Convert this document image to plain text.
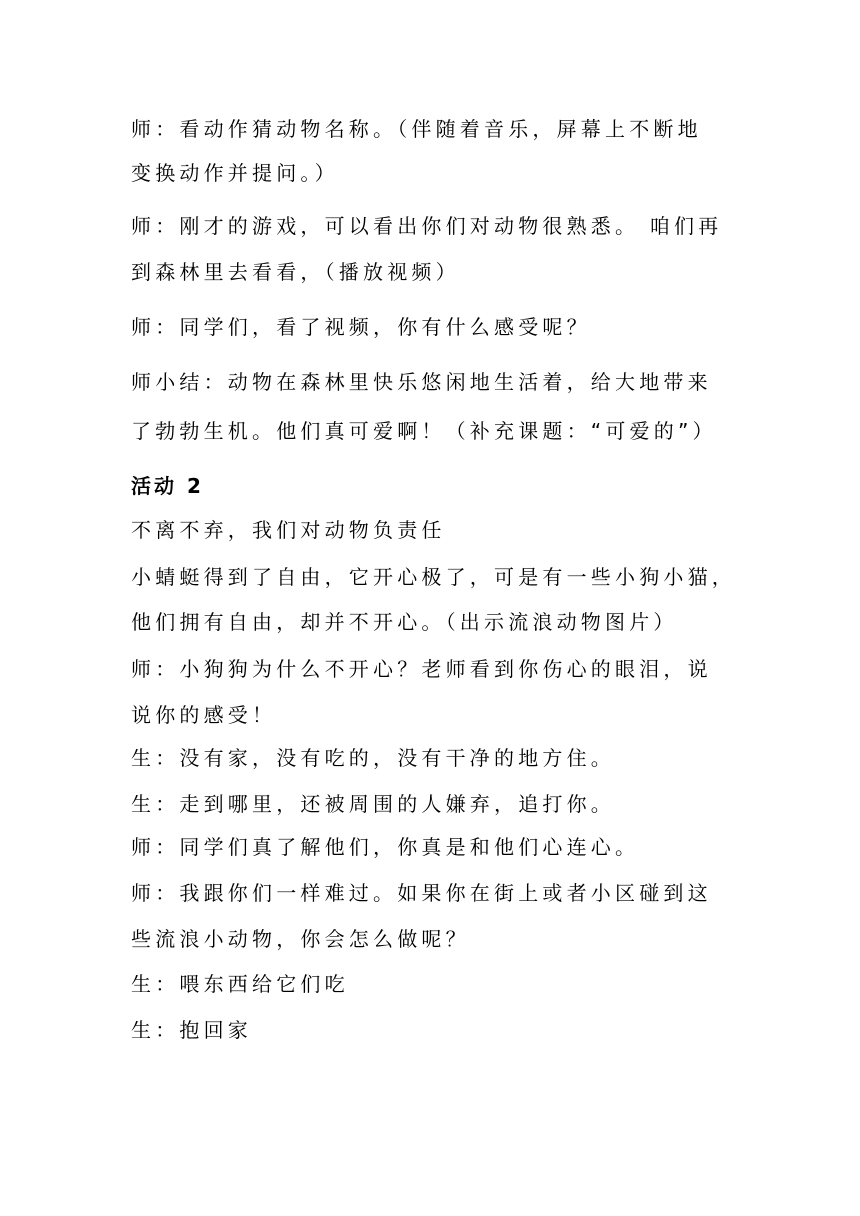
师：看动作猜动物名称。（伴随着音乐，屏幕上不断地

变换动作并提问。）

师：刚才的游戏，可以看出你们对动物很熟悉。 咱们再

到森林里去看看，（播放视频）

师：同学们，看了视频，你有什么感受呢？

师小结：动物在森林里快乐悠闲地生活着，给大地带来

了勃勃生机。他们真可爱啊！（补充课题：“可爱的”）

活动 2

不离不弃，我们对动物负责任

小蜻蜓得到了自由，它开心极了，可是有一些小狗小猫，

他们拥有自由，却并不开心。（出示流浪动物图片）

师：小狗狗为什么不开心？老师看到你伤心的眼泪，说

说你的感受！

生：没有家，没有吃的，没有干净的地方住。

生：走到哪里，还被周围的人嫌弃，追打你。

师：同学们真了解他们，你真是和他们心连心。

师：我跟你们一样难过。如果你在街上或者小区碰到这

些流浪小动物，你会怎么做呢？

生：喂东西给它们吃

生：抱回家
